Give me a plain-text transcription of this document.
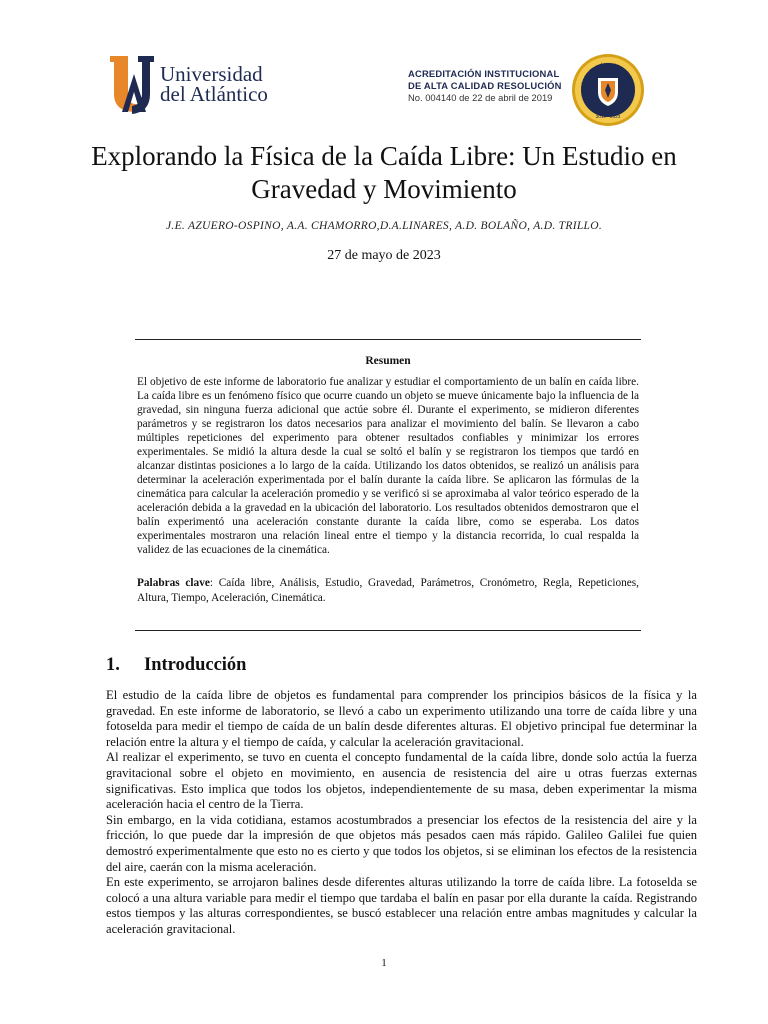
Universidad
del Atlántico
ACREDITACIÓN INSTITUCIONAL
DE ALTA CALIDAD RESOLUCIÓN
No. 004140 de 22 de abril de 2019
ACREDITACIÓN INSTITUCIONAL
2019 - 2023
Explorando la Física de la Caída Libre: Un Estudio en Gravedad y Movimiento
J.E. AZUERO-OSPINO, A.A. CHAMORRO,D.A.LINARES, A.D. BOLAÑO, A.D. TRILLO.
27 de mayo de 2023
Resumen
El objetivo de este informe de laboratorio fue analizar y estudiar el comportamiento de un balín en caída libre. La caída libre es un fenómeno físico que ocurre cuando un objeto se mueve únicamente bajo la influencia de la gravedad, sin ninguna fuerza adicional que actúe sobre él. Durante el experimento, se midieron diferentes parámetros y se registraron los datos necesarios para analizar el movimiento del balín. Se llevaron a cabo múltiples repeticiones del experimento para obtener resultados confiables y minimizar los errores experimentales. Se midió la altura desde la cual se soltó el balín y se registraron los tiempos que tardó en alcanzar distintas posiciones a lo largo de la caída. Utilizando los datos obtenidos, se realizó un análisis para determinar la aceleración experimentada por el balín durante la caída libre. Se aplicaron las fórmulas de la cinemática para calcular la aceleración promedio y se verificó si se aproximaba al valor teórico esperado de la aceleración debida a la gravedad en la ubicación del laboratorio. Los resultados obtenidos demostraron que el balín experimentó una aceleración constante durante la caída libre, como se esperaba. Los datos experimentales mostraron una relación lineal entre el tiempo y la distancia recorrida, lo cual respalda la validez de las ecuaciones de la cinemática.
Palabras clave: Caída libre, Análisis, Estudio, Gravedad, Parámetros, Cronómetro, Regla, Repeticiones, Altura, Tiempo, Aceleración, Cinemática.
1. Introducción

El estudio de la caída libre de objetos es fundamental para comprender los principios básicos de la física y la gravedad. En este informe de laboratorio, se llevó a cabo un experimento utilizando una torre de caída libre y una fotoselda para medir el tiempo de caída de un balín desde diferentes alturas. El objetivo principal fue determinar la relación entre la altura y el tiempo de caída, y calcular la aceleración gravitacional.

Al realizar el experimento, se tuvo en cuenta el concepto fundamental de la caída libre, donde solo actúa la fuerza gravitacional sobre el objeto en movimiento, en ausencia de resistencia del aire u otras fuerzas externas significativas. Esto implica que todos los objetos, independientemente de su masa, deben experimentar la misma aceleración hacia el centro de la Tierra.

Sin embargo, en la vida cotidiana, estamos acostumbrados a presenciar los efectos de la resistencia del aire y la fricción, lo que puede dar la impresión de que objetos más pesados caen más rápido. Galileo Galilei fue quien demostró experimentalmente que esto no es cierto y que todos los objetos, si se eliminan los efectos de la resistencia del aire, caerán con la misma aceleración.

En este experimento, se arrojaron balines desde diferentes alturas utilizando la torre de caída libre. La fotoselda se colocó a una altura variable para medir el tiempo que tardaba el balín en pasar por ella durante la caída. Registrando estos tiempos y las alturas correspondientes, se buscó establecer una relación entre ambas magnitudes y calcular la aceleración gravitacional.

1
